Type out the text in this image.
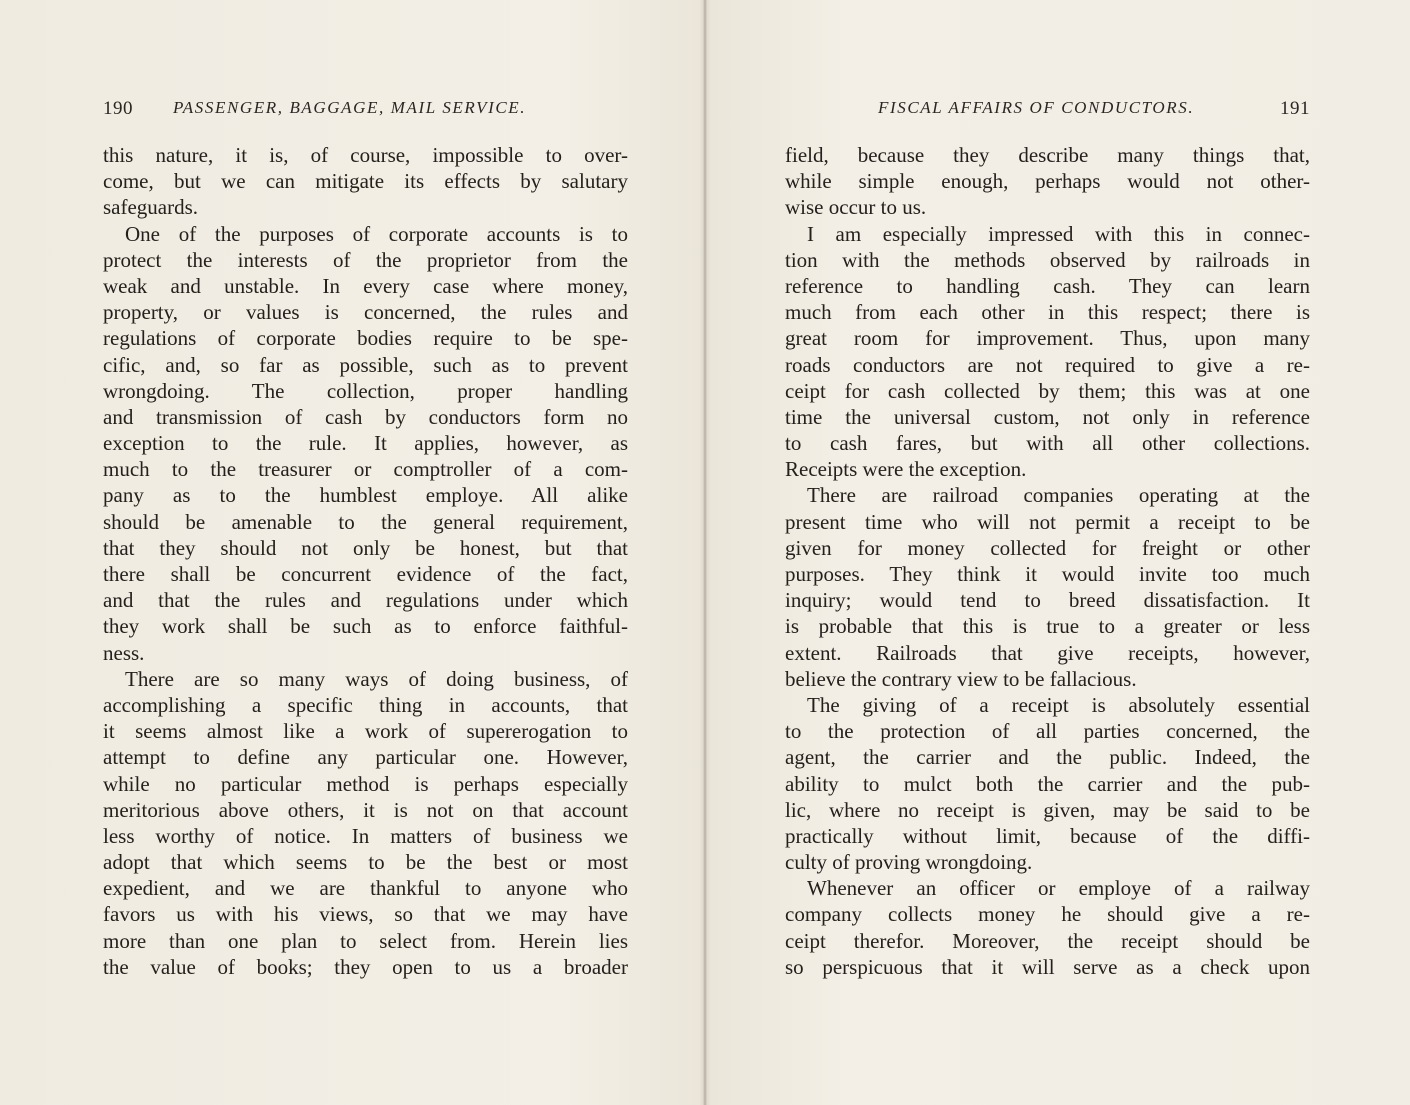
190 PASSENGER, BAGGAGE, MAIL SERVICE.
this nature, it is, of course, impossible to over-
come, but we can mitigate its effects by salutary
safeguards.
One of the purposes of corporate accounts is to
protect the interests of the proprietor from the
weak and unstable. In every case where money,
property, or values is concerned, the rules and
regulations of corporate bodies require to be spe-
cific, and, so far as possible, such as to prevent
wrongdoing. The collection, proper handling
and transmission of cash by conductors form no
exception to the rule. It applies, however, as
much to the treasurer or comptroller of a com-
pany as to the humblest employe. All alike
should be amenable to the general requirement,
that they should not only be honest, but that
there shall be concurrent evidence of the fact,
and that the rules and regulations under which
they work shall be such as to enforce faithful-
ness.
There are so many ways of doing business, of
accomplishing a specific thing in accounts, that
it seems almost like a work of supererogation to
attempt to define any particular one. However,
while no particular method is perhaps especially
meritorious above others, it is not on that account
less worthy of notice. In matters of business we
adopt that which seems to be the best or most
expedient, and we are thankful to anyone who
favors us with his views, so that we may have
more than one plan to select from. Herein lies
the value of books; they open to us a broader
FISCAL AFFAIRS OF CONDUCTORS.	191
field, because they describe many things that,
while simple enough, perhaps would not other-
wise occur to us.
I am especially impressed with this in connec-
tion with the methods observed by railroads in
reference to handling cash. They can learn
much from each other in this respect; there is
great room for improvement. Thus, upon many
roads conductors are not required to give a re-
ceipt for cash collected by them; this was at one
time the universal custom, not only in reference
to cash fares, but with all other collections.
Receipts were the exception.
There are railroad companies operating at the
present time who will not permit a receipt to be
given for money collected for freight or other
purposes. They think it would invite too much
inquiry; would tend to breed dissatisfaction. It
is probable that this is true to a greater or less
extent. Railroads that give receipts, however,
believe the contrary view to be fallacious.
The giving of a receipt is absolutely essential
to the protection of all parties concerned, the
agent, the carrier and the public. Indeed, the
ability to mulct both the carrier and the pub-
lic, where no receipt is given, may be said to be
practically without limit, because of the diffi-
culty of proving wrongdoing.
Whenever an officer or employe of a railway
company collects money he should give a re-
ceipt therefor. Moreover, the receipt should be
so perspicuous that it will serve as a check upon
